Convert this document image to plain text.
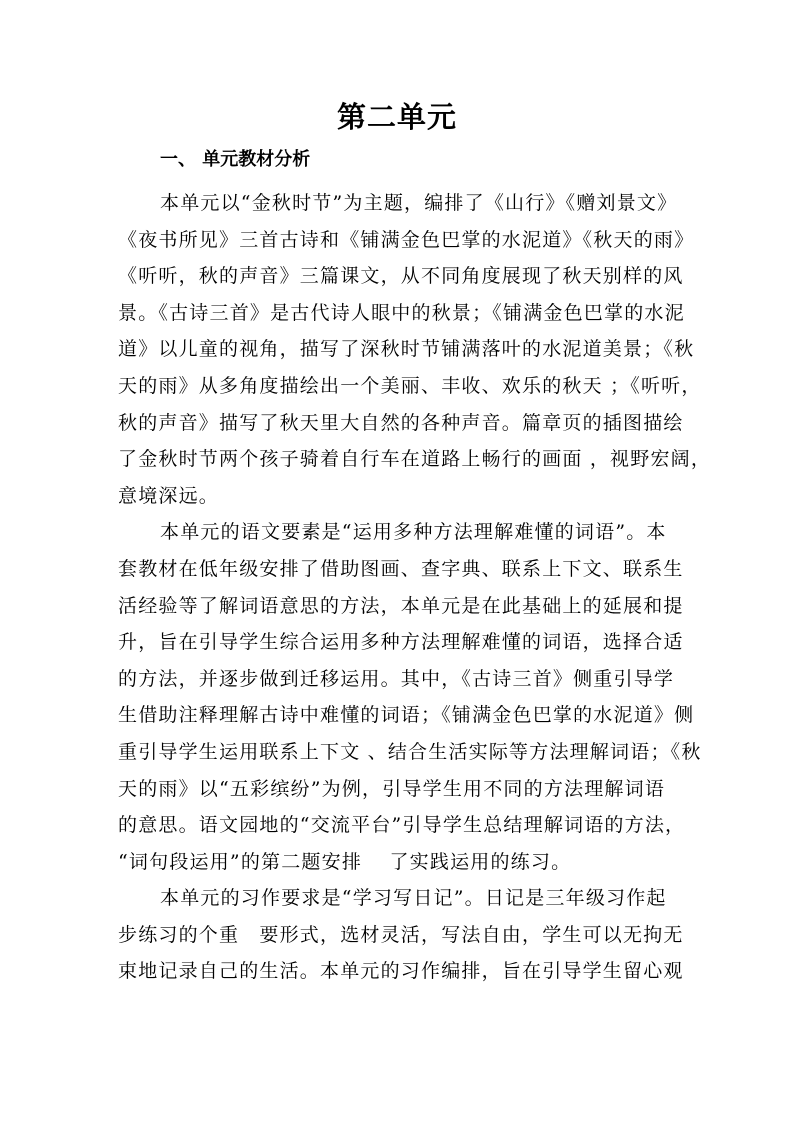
第二单元
一、 单元教材分析
本单元以“金秋时节”为主题，编排了《山行》《赠刘景文》
《夜书所见》三首古诗和《铺满金色巴掌的水泥道》《秋天的雨》
《听听，秋的声音》三篇课文，从不同角度展现了秋天别样的风
景。《古诗三首》是古代诗人眼中的秋景；《铺满金色巴掌的水泥
道》以儿童的视角，描写了深秋时节铺满落叶的水泥道美景；《秋
天的雨》从多角度描绘出一个美丽、丰收、欢乐的秋天 ；《听听，
秋的声音》描写了秋天里大自然的各种声音。篇章页的插图描绘
了金秋时节两个孩子骑着自行车在道路上畅行的画面 ，视野宏阔，
意境深远。
本单元的语文要素是“运用多种方法理解难懂的词语”。本
套教材在低年级安排了借助图画、查字典、联系上下文、联系生
活经验等了解词语意思的方法，本单元是在此基础上的延展和提
升，旨在引导学生综合运用多种方法理解难懂的词语，选择合适
的方法，并逐步做到迁移运用。其中，《古诗三首》侧重引导学
生借助注释理解古诗中难懂的词语；《铺满金色巴掌的水泥道》侧
重引导学生运用联系上下文 、结合生活实际等方法理解词语；《秋
天的雨》以“五彩缤纷”为例，引导学生用不同的方法理解词语
的意思。语文园地的“交流平台”引导学生总结理解词语的方法，
“词句段运用”的第二题安排　 了实践运用的练习。
本单元的习作要求是“学习写日记”。日记是三年级习作起
步练习的个重　要形式，选材灵活，写法自由，学生可以无拘无
束地记录自己的生活。本单元的习作编排，旨在引导学生留心观
